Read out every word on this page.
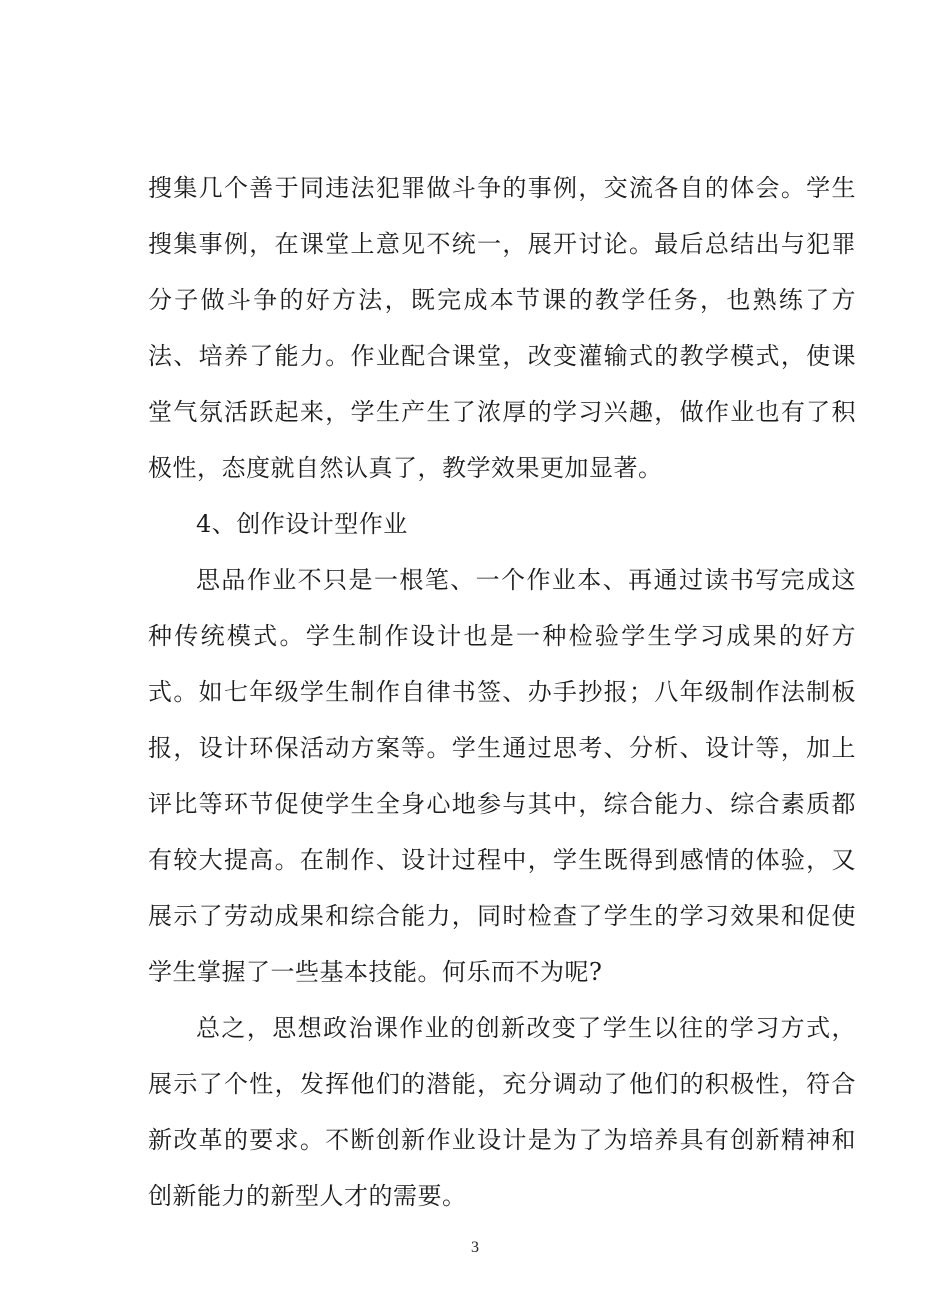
搜集几个善于同违法犯罪做斗争的事例，交流各自的体会。学生搜集事例，在课堂上意见不统一，展开讨论。最后总结出与犯罪分子做斗争的好方法，既完成本节课的教学任务，也熟练了方法、培养了能力。作业配合课堂，改变灌输式的教学模式，使课堂气氛活跃起来，学生产生了浓厚的学习兴趣，做作业也有了积极性，态度就自然认真了，教学效果更加显著。

4、创作设计型作业

思品作业不只是一根笔、一个作业本、再通过读书写完成这种传统模式。学生制作设计也是一种检验学生学习成果的好方式。如七年级学生制作自律书签、办手抄报；八年级制作法制板报，设计环保活动方案等。学生通过思考、分析、设计等，加上评比等环节促使学生全身心地参与其中，综合能力、综合素质都有较大提高。在制作、设计过程中，学生既得到感情的体验，又展示了劳动成果和综合能力，同时检查了学生的学习效果和促使学生掌握了一些基本技能。何乐而不为呢?

总之，思想政治课作业的创新改变了学生以往的学习方式，展示了个性，发挥他们的潜能，充分调动了他们的积极性，符合新改革的要求。不断创新作业设计是为了为培养具有创新精神和创新能力的新型人才的需要。

3
